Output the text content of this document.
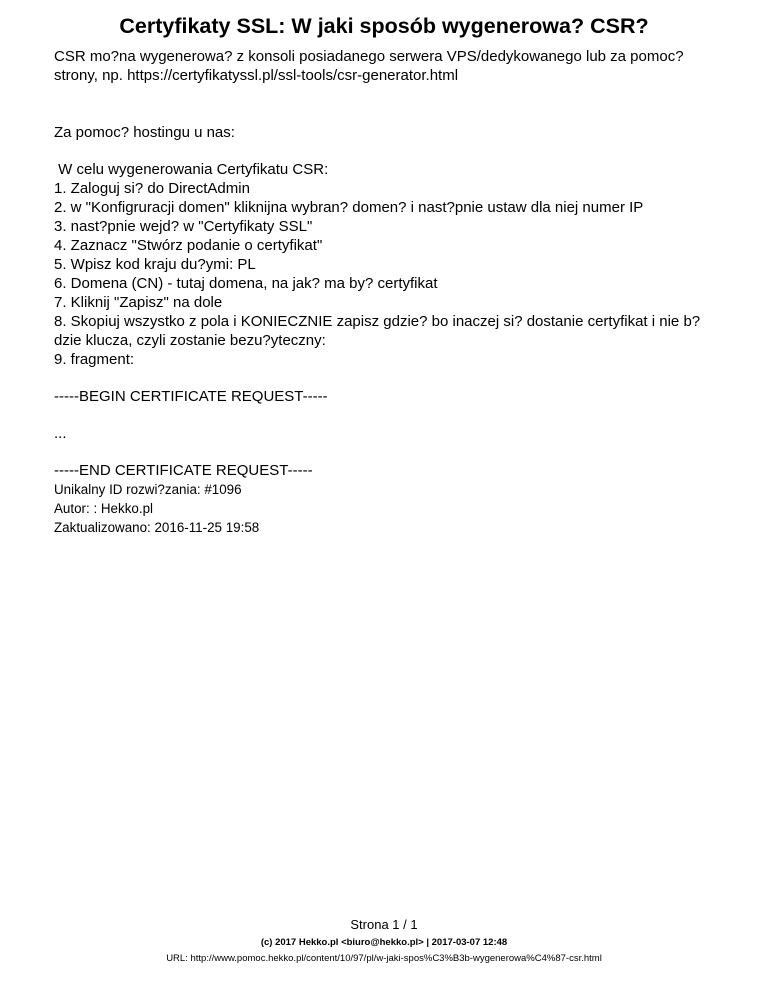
Certyfikaty SSL: W jaki sposób wygenerowa? CSR?

CSR mo?na wygenerowa? z konsoli posiadanego serwera VPS/dedykowanego lub za pomoc? strony, np. https://certyfikatyssl.pl/ssl-tools/csr-generator.html

Za pomoc? hostingu u nas:

W celu wygenerowania Certyfikatu CSR:

1. Zaloguj si? do DirectAdmin

2. w "Konfigruracji domen" kliknijna wybran? domen? i nast?pnie ustaw dla niej numer IP

3. nast?pnie wejd? w "Certyfikaty SSL"

4. Zaznacz "Stwórz podanie o certyfikat"

5. Wpisz kod kraju du?ymi: PL

6. Domena (CN) - tutaj domena, na jak? ma by? certyfikat

7. Kliknij "Zapisz" na dole

8. Skopiuj wszystko z pola i KONIECZNIE zapisz gdzie? bo inaczej si? dostanie certyfikat i nie b?dzie klucza, czyli zostanie bezu?yteczny:

9. fragment:

-----BEGIN CERTIFICATE REQUEST-----

...

-----END CERTIFICATE REQUEST-----

Unikalny ID rozwi?zania: #1096

Autor: : Hekko.pl

Zaktualizowano: 2016-11-25 19:58

Strona 1 / 1
(c) 2017 Hekko.pl <biuro@hekko.pl> | 2017-03-07 12:48
URL: http://www.pomoc.hekko.pl/content/10/97/pl/w-jaki-spos%C3%B3b-wygenerowa%C4%87-csr.html
